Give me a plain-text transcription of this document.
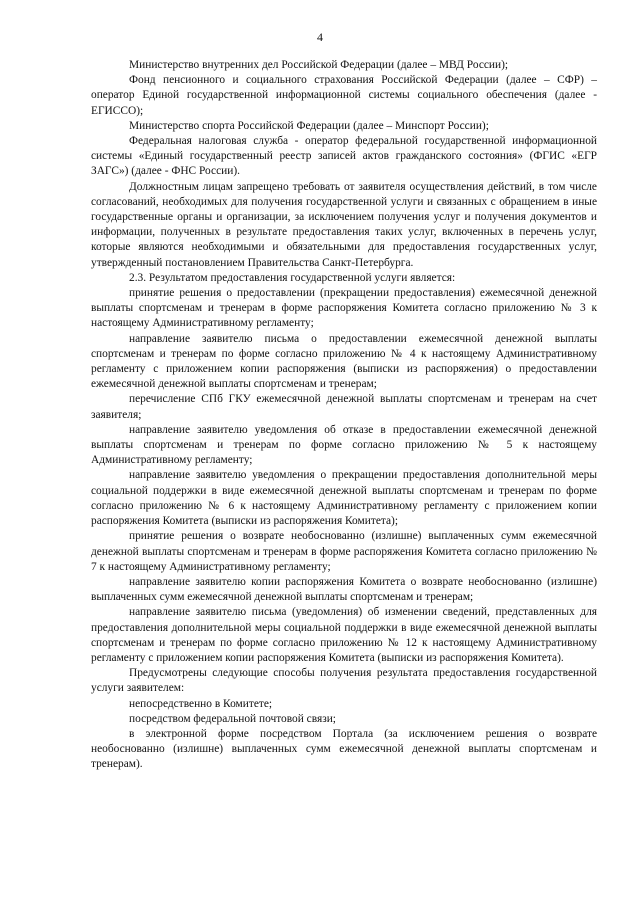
4

Министерство внутренних дел Российской Федерации (далее – МВД России);

Фонд пенсионного и социального страхования Российской Федерации (далее – СФР) – оператор Единой государственной информационной системы социального обеспечения (далее - ЕГИССО);

Министерство спорта Российской Федерации (далее – Минспорт России);

Федеральная налоговая служба - оператор федеральной государственной информационной системы «Единый государственный реестр записей актов гражданского состояния» (ФГИС «ЕГР ЗАГС») (далее - ФНС России).

Должностным лицам запрещено требовать от заявителя осуществления действий, в том числе согласований, необходимых для получения государственной услуги и связанных с обращением в иные государственные органы и организации, за исключением получения услуг и получения документов и информации, полученных в результате предоставления таких услуг, включенных в перечень услуг, которые являются необходимыми и обязательными для предоставления государственных услуг, утвержденный постановлением Правительства Санкт-Петербурга.

2.3. Результатом предоставления государственной услуги является:

принятие решения о предоставлении (прекращении предоставления) ежемесячной денежной выплаты спортсменам и тренерам в форме распоряжения Комитета согласно приложению № 3 к настоящему Административному регламенту;

направление заявителю письма о предоставлении ежемесячной денежной выплаты спортсменам и тренерам по форме согласно приложению № 4 к настоящему Административному регламенту с приложением копии распоряжения (выписки из распоряжения) о предоставлении ежемесячной денежной выплаты спортсменам и тренерам;

перечисление СПб ГКУ ежемесячной денежной выплаты спортсменам и тренерам на счет заявителя;

направление заявителю уведомления об отказе в предоставлении ежемесячной денежной выплаты спортсменам и тренерам по форме согласно приложению № 5 к настоящему Административному регламенту;

направление заявителю уведомления о прекращении предоставления дополнительной меры социальной поддержки в виде ежемесячной денежной выплаты спортсменам и тренерам по форме согласно приложению № 6 к настоящему Административному регламенту с приложением копии распоряжения Комитета (выписки из распоряжения Комитета);

принятие решения о возврате необоснованно (излишне) выплаченных сумм ежемесячной денежной выплаты спортсменам и тренерам в форме распоряжения Комитета согласно приложению № 7 к настоящему Административному регламенту;

направление заявителю копии распоряжения Комитета о возврате необоснованно (излишне) выплаченных сумм ежемесячной денежной выплаты спортсменам и тренерам;

направление заявителю письма (уведомления) об изменении сведений, представленных для предоставления дополнительной меры социальной поддержки в виде ежемесячной денежной выплаты спортсменам и тренерам по форме согласно приложению № 12 к настоящему Административному регламенту с приложением копии распоряжения Комитета (выписки из распоряжения Комитета).

Предусмотрены следующие способы получения результата предоставления государственной услуги заявителем:

непосредственно в Комитете;

посредством федеральной почтовой связи;

в электронной форме посредством Портала (за исключением решения о возврате необоснованно (излишне) выплаченных сумм ежемесячной денежной выплаты спортсменам и тренерам).
